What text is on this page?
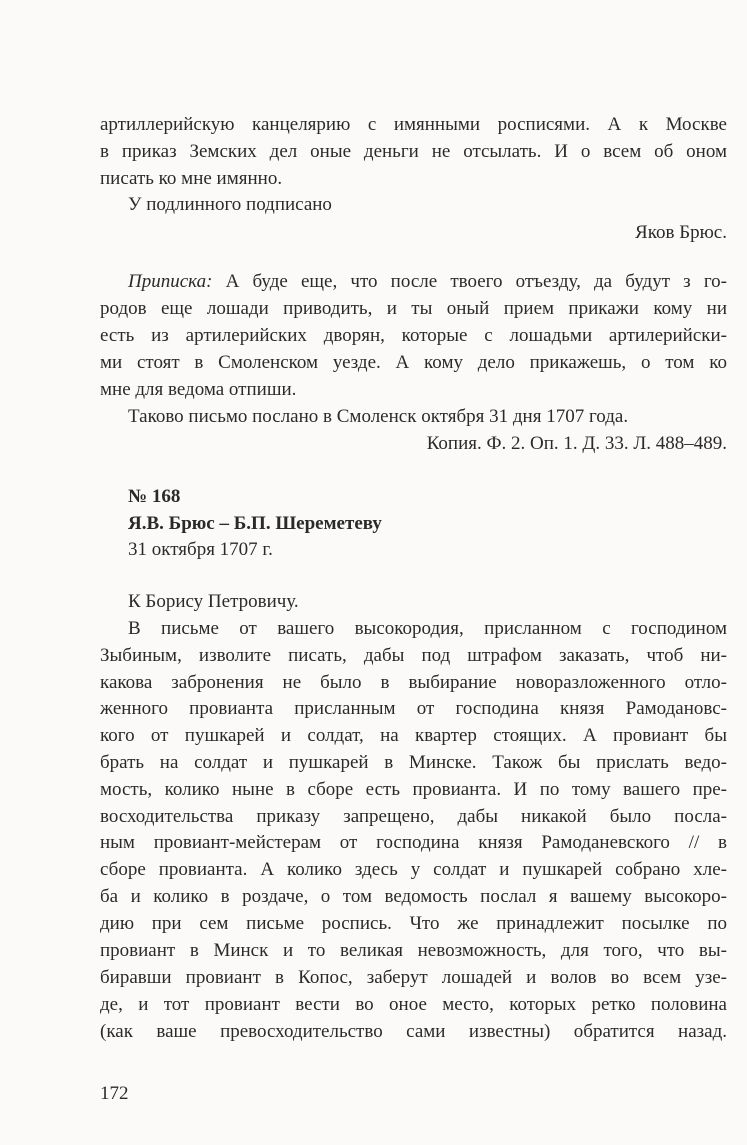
артиллерийскую канцелярию с имянными росписями. А к Москве
в приказ Земских дел оные деньги не отсылать. И о всем об оном
писать ко мне имянно.
У подлинного подписано
Яков Брюс.
Приписка: А буде еще, что после твоего отъезду, да будут з го-
родов еще лошади приводить, и ты оный прием прикажи кому ни
есть из артилерийских дворян, которые с лошадьми артилерийски-
ми стоят в Смоленском уезде. А кому дело прикажешь, о том ко
мне для ведома отпиши.
Таково письмо послано в Смоленск октября 31 дня 1707 года.
Копия. Ф. 2. Оп. 1. Д. 33. Л. 488–489.
№ 168
Я.В. Брюс – Б.П. Шереметеву
31 октября 1707 г.
К Борису Петровичу.
В письме от вашего высокородия, присланном с господином
Зыбиным, изволите писать, дабы под штрафом заказать, чтоб ни-
какова забронения не было в выбирание новоразложенного отло-
женного провианта присланным от господина князя Рамодановс-
кого от пушкарей и солдат, на квартер стоящих. А провиант бы
брать на солдат и пушкарей в Минске. Також бы прислать ведо-
мость, колико ныне в сборе есть провианта. И по тому вашего пре-
восходительства приказу запрещено, дабы никакой было посла-
ным провиант-мейстерам от господина князя Рамоданевского // в
сборе провианта. А колико здесь у солдат и пушкарей собрано хле-
ба и колико в роздаче, о том ведомость послал я вашему высокоро-
дию при сем письме роспись. Что же принадлежит посылке по
провиант в Минск и то великая невозможность, для того, что вы-
биравши провиант в Копос, заберут лошадей и волов во всем узе-
де, и тот провиант вести во оное место, которых ретко половина
(как ваше превосходительство сами известны) обратится назад.
172
